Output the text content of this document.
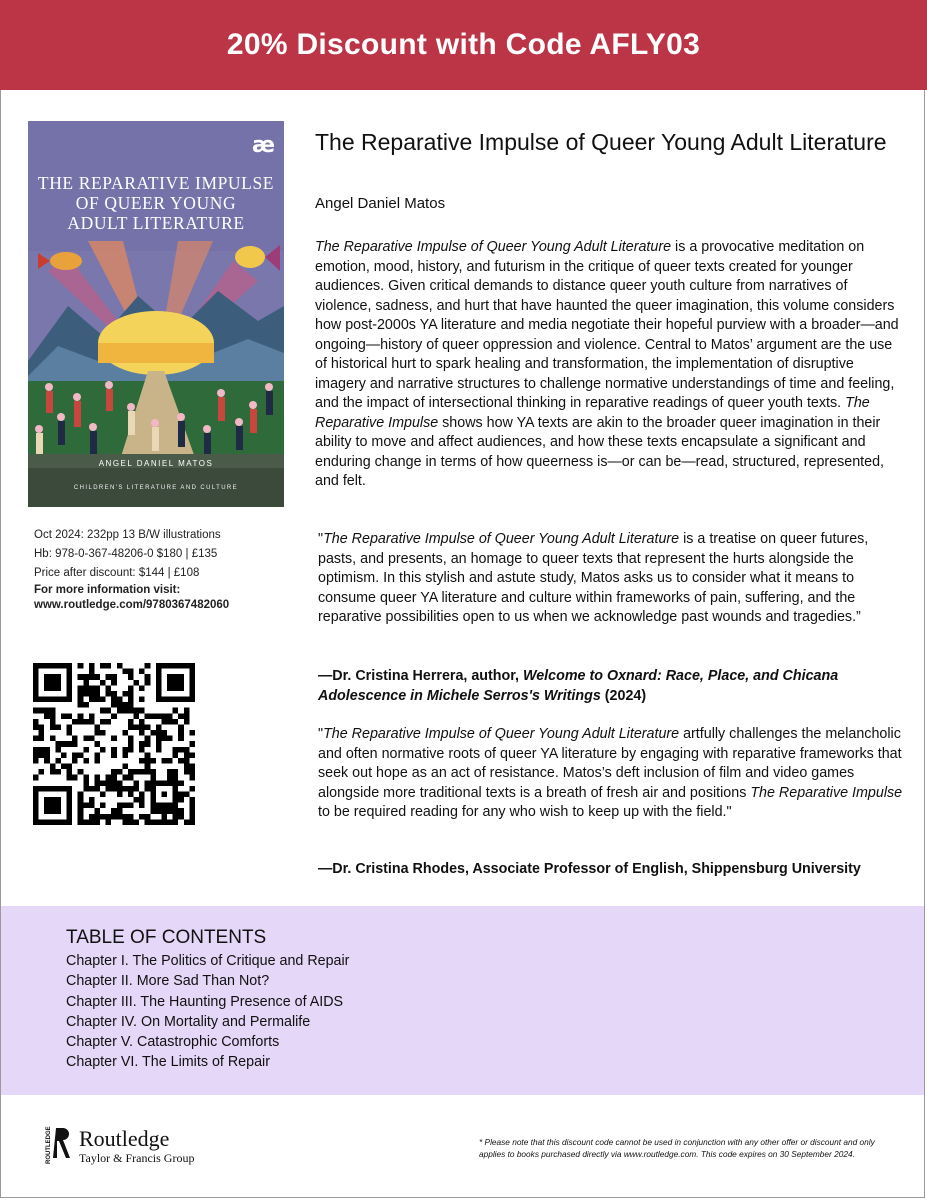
20% Discount with Code AFLY03
æ
THE REPARATIVE IMPULSE
OF QUEER YOUNG
ADULT LITERATURE
ANGEL DANIEL MATOS
CHILDREN'S LITERATURE AND CULTURE
Oct 2024: 232pp 13 B/W illustrations
Hb: 978-0-367-48206-0 $180 | £135
Price after discount: $144 | £108
For more information visit:
www.routledge.com/9780367482060
The Reparative Impulse of Queer Young Adult Literature
Angel Daniel Matos
The Reparative Impulse of Queer Young Adult Literature is a provocative meditation on emotion, mood, history, and futurism in the critique of queer texts created for younger audiences. Given critical demands to distance queer youth culture from narratives of violence, sadness, and hurt that have haunted the queer imagination, this volume considers how post-2000s YA literature and media negotiate their hopeful purview with a broader—and ongoing—history of queer oppression and violence. Central to Matos’ argument are the use of historical hurt to spark healing and transformation, the implementation of disruptive imagery and narrative structures to challenge normative understandings of time and feeling, and the impact of intersectional thinking in reparative readings of queer youth texts. The Reparative Impulse shows how YA texts are akin to the broader queer imagination in their ability to move and affect audiences, and how these texts encapsulate a significant and enduring change in terms of how queerness is—or can be—read, structured, represented, and felt.
"The Reparative Impulse of Queer Young Adult Literature is a treatise on queer futures, pasts, and presents, an homage to queer texts that represent the hurts alongside the optimism. In this stylish and astute study, Matos asks us to consider what it means to consume queer YA literature and culture within frameworks of pain, suffering, and the reparative possibilities open to us when we acknowledge past wounds and tragedies.”
—Dr. Cristina Herrera, author, Welcome to Oxnard: Race, Place, and Chicana Adolescence in Michele Serros's Writings (2024)
"The Reparative Impulse of Queer Young Adult Literature artfully challenges the melancholic and often normative roots of queer YA literature by engaging with reparative frameworks that seek out hope as an act of resistance. Matos’s deft inclusion of film and video games alongside more traditional texts is a breath of fresh air and positions The Reparative Impulse to be required reading for any who wish to keep up with the field."
—Dr. Cristina Rhodes, Associate Professor of English, Shippensburg University
TABLE OF CONTENTS
Chapter I. The Politics of Critique and Repair
Chapter II. More Sad Than Not?
Chapter III. The Haunting Presence of AIDS
Chapter IV. On Mortality and Permalife
Chapter V. Catastrophic Comforts
Chapter VI. The Limits of Repair
ROUTLEDGE Routledge
Taylor & Francis Group
* Please note that this discount code cannot be used in conjunction with any other offer or discount and only applies to books purchased directly via www.routledge.com. This code expires on 30 September 2024.
